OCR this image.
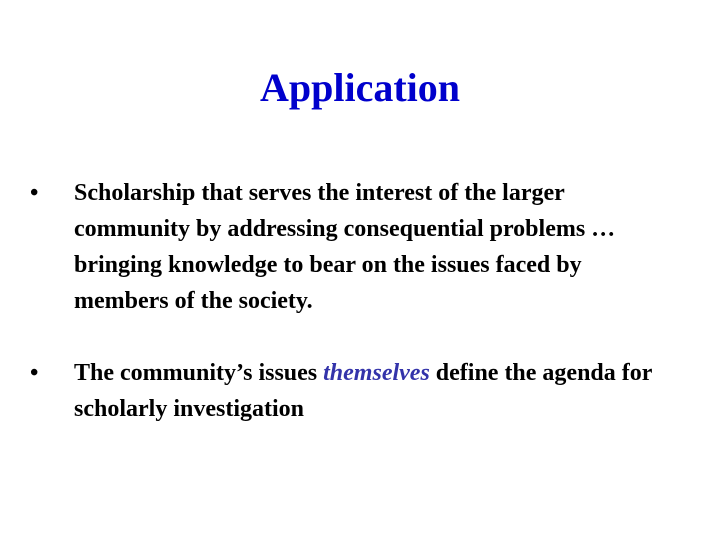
Application
•	Scholarship that serves the interest of the larger community by addressing consequential problems … bringing knowledge to bear on the issues faced by members of the society.
•	The community’s issues themselves define the agenda for scholarly investigation
